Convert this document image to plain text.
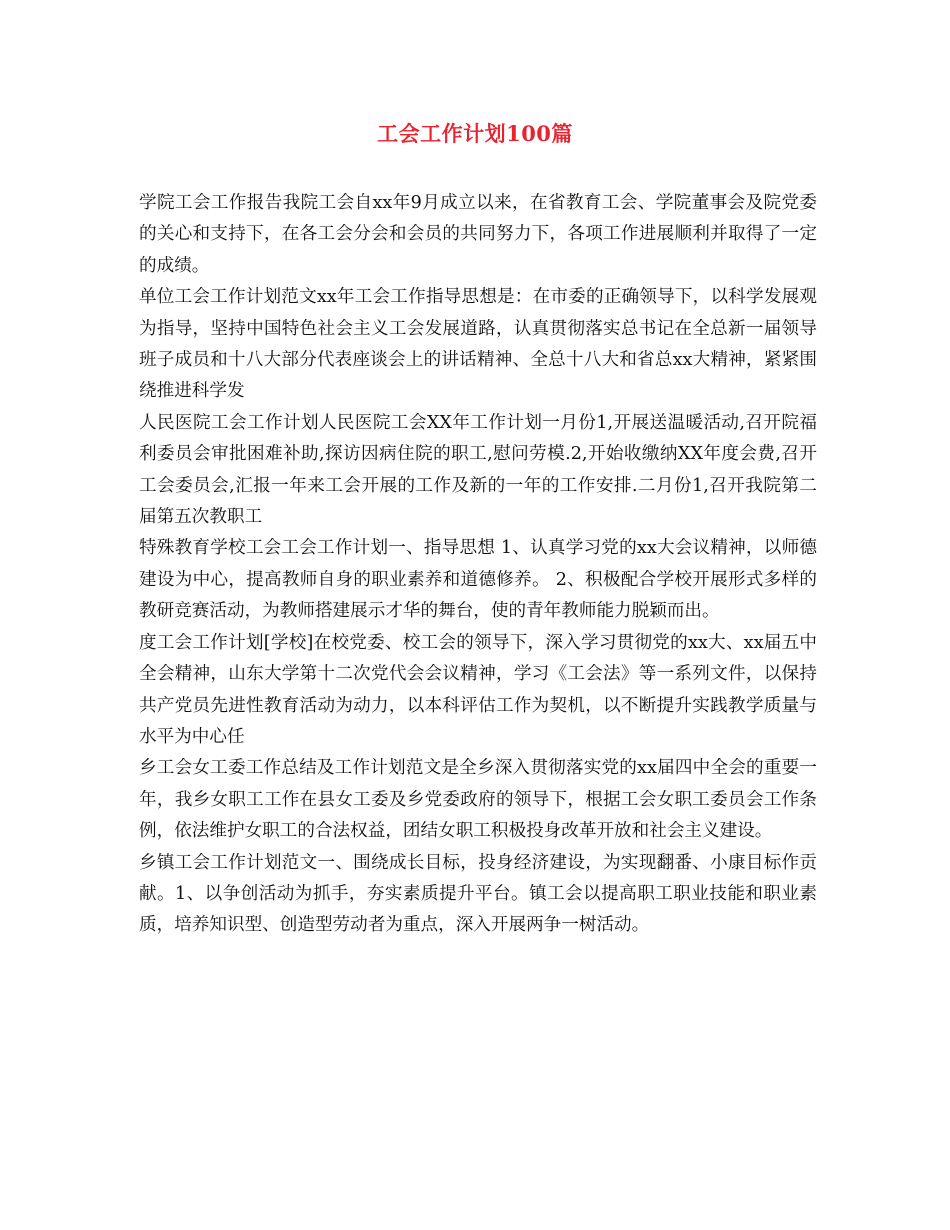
工会工作计划100篇

学院工会工作报告我院工会自xx年9月成立以来，在省教育工会、学院董事会及院党委的关心和支持下，在各工会分会和会员的共同努力下，各项工作进展顺利并取得了一定的成绩。

单位工会工作计划范文xx年工会工作指导思想是：在市委的正确领导下，以科学发展观为指导，坚持中国特色社会主义工会发展道路，认真贯彻落实总书记在全总新一届领导班子成员和十八大部分代表座谈会上的讲话精神、全总十八大和省总xx大精神，紧紧围绕推进科学发

人民医院工会工作计划人民医院工会XX年工作计划一月份1,开展送温暖活动,召开院福利委员会审批困难补助,探访因病住院的职工,慰问劳模.2,开始收缴纳XX年度会费,召开工会委员会,汇报一年来工会开展的工作及新的一年的工作安排.二月份1,召开我院第二届第五次教职工

特殊教育学校工会工会工作计划一、指导思想 1、认真学习党的xx大会议精神，以师德建设为中心，提高教师自身的职业素养和道德修养。 2、积极配合学校开展形式多样的教研竞赛活动，为教师搭建展示才华的舞台，使的青年教师能力脱颖而出。

度工会工作计划[学校]在校党委、校工会的领导下，深入学习贯彻党的xx大、xx届五中全会精神，山东大学第十二次党代会会议精神，学习《工会法》等一系列文件，以保持共产党员先进性教育活动为动力，以本科评估工作为契机，以不断提升实践教学质量与水平为中心任

乡工会女工委工作总结及工作计划范文是全乡深入贯彻落实党的xx届四中全会的重要一年，我乡女职工工作在县女工委及乡党委政府的领导下，根据工会女职工委员会工作条例，依法维护女职工的合法权益，团结女职工积极投身改革开放和社会主义建设。

乡镇工会工作计划范文一、围绕成长目标，投身经济建设，为实现翻番、小康目标作贡献。1、以争创活动为抓手，夯实素质提升平台。镇工会以提高职工职业技能和职业素质，培养知识型、创造型劳动者为重点，深入开展两争一树活动。
